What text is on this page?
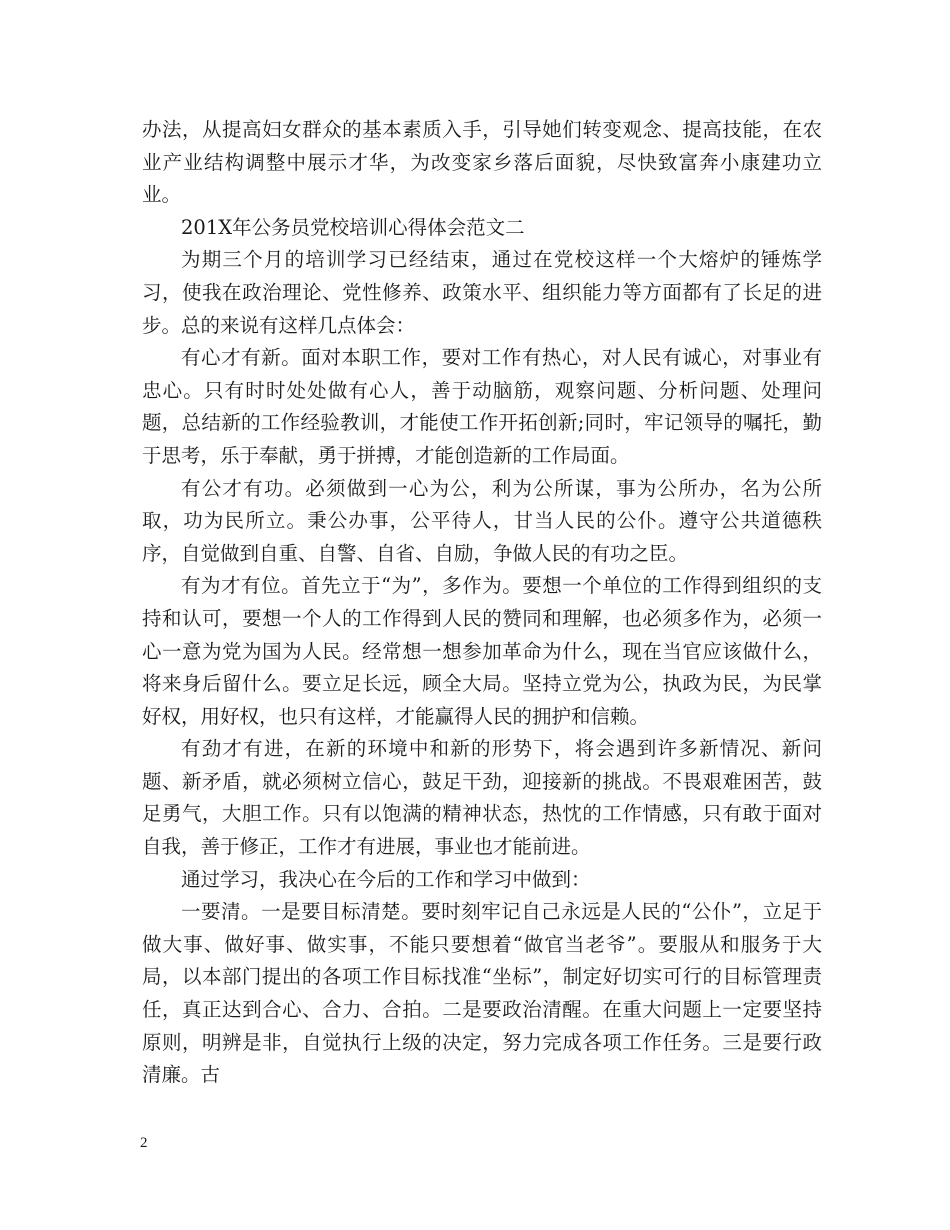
办法，从提高妇女群众的基本素质入手，引导她们转变观念、提高技能，在农业产业结构调整中展示才华，为改变家乡落后面貌，尽快致富奔小康建功立业。

201X年公务员党校培训心得体会范文二

为期三个月的培训学习已经结束，通过在党校这样一个大熔炉的锤炼学习，使我在政治理论、党性修养、政策水平、组织能力等方面都有了长足的进步。总的来说有这样几点体会：

有心才有新。面对本职工作，要对工作有热心，对人民有诚心，对事业有忠心。只有时时处处做有心人，善于动脑筋，观察问题、分析问题、处理问题，总结新的工作经验教训，才能使工作开拓创新;同时，牢记领导的嘱托，勤于思考，乐于奉献，勇于拼搏，才能创造新的工作局面。

有公才有功。必须做到一心为公，利为公所谋，事为公所办，名为公所取，功为民所立。秉公办事，公平待人，甘当人民的公仆。遵守公共道德秩序，自觉做到自重、自警、自省、自励，争做人民的有功之臣。

有为才有位。首先立于“为”，多作为。要想一个单位的工作得到组织的支持和认可，要想一个人的工作得到人民的赞同和理解，也必须多作为，必须一心一意为党为国为人民。经常想一想参加革命为什么，现在当官应该做什么，将来身后留什么。要立足长远，顾全大局。坚持立党为公，执政为民，为民掌好权，用好权，也只有这样，才能赢得人民的拥护和信赖。

有劲才有进，在新的环境中和新的形势下，将会遇到许多新情况、新问题、新矛盾，就必须树立信心，鼓足干劲，迎接新的挑战。不畏艰难困苦，鼓足勇气，大胆工作。只有以饱满的精神状态，热忱的工作情感，只有敢于面对自我，善于修正，工作才有进展，事业也才能前进。

通过学习，我决心在今后的工作和学习中做到：

一要清。一是要目标清楚。要时刻牢记自己永远是人民的“公仆”，立足于做大事、做好事、做实事，不能只要想着“做官当老爷”。要服从和服务于大局，以本部门提出的各项工作目标找准“坐标”，制定好切实可行的目标管理责任，真正达到合心、合力、合拍。二是要政治清醒。在重大问题上一定要坚持原则，明辨是非，自觉执行上级的决定，努力完成各项工作任务。三是要行政清廉。古

2
